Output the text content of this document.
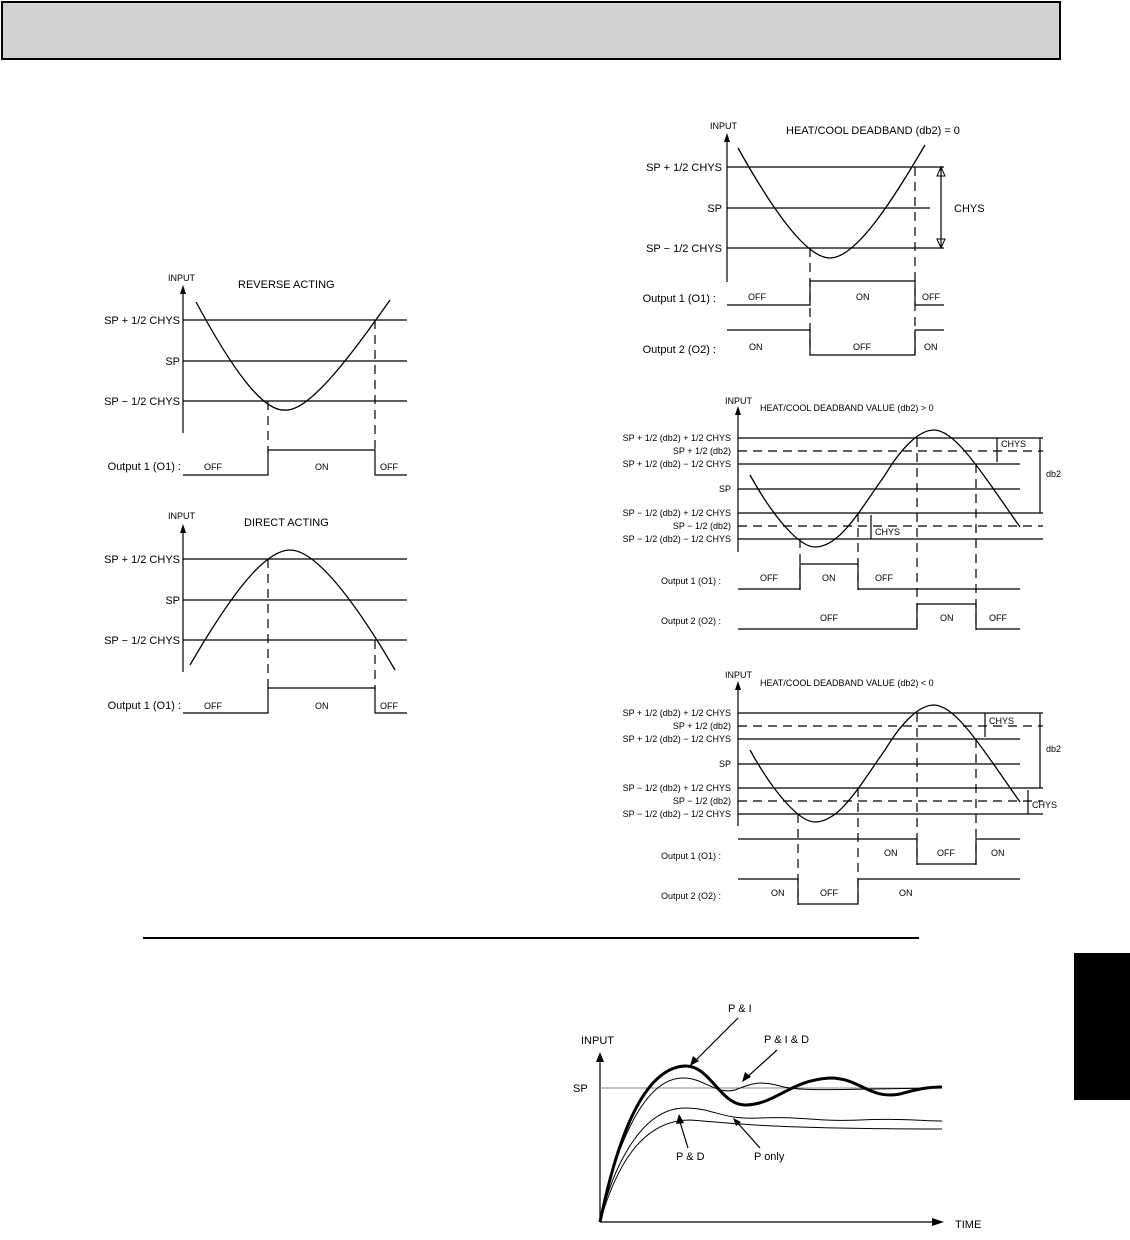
INPUT
REVERSE ACTING
SP + 1/2 CHYS
SP
SP − 1/2 CHYS
Output 1 (O1) :	OFF	ON	OFF
INPUT
DIRECT ACTING
SP + 1/2 CHYS
SP
SP − 1/2 CHYS
Output 1 (O1) :	OFF	ON	OFF
INPUT	HEAT/COOL DEADBAND (db2) = 0
SP + 1/2 CHYS
SP
SP − 1/2 CHYS
CHYS
Output 1 (O1) :	OFF	ON	OFF
Output 2 (O2) :	ON	OFF	ON
INPUT
HEAT/COOL DEADBAND VALUE (db2) > 0
SP + 1/2 (db2) + 1/2 CHYS
SP + 1/2 (db2)
SP + 1/2 (db2) − 1/2 CHYS
SP
SP − 1/2 (db2) + 1/2 CHYS
SP − 1/2 (db2)
SP − 1/2 (db2) − 1/2 CHYS
db2
CHYS
CHYS
Output 1 (O1) :	OFF	ON	OFF
Output 2 (O2) :	OFF	ON	OFF
INPUT
HEAT/COOL DEADBAND VALUE (db2) < 0
SP + 1/2 (db2) + 1/2 CHYS
SP + 1/2 (db2)
SP + 1/2 (db2) − 1/2 CHYS
SP
SP − 1/2 (db2) + 1/2 CHYS
SP − 1/2 (db2)
SP − 1/2 (db2) − 1/2 CHYS
db2
CHYS
CHYS
Output 1 (O1) :	ON	OFF	ON
Output 2 (O2) :	ON	OFF	ON
INPUT
TIME
SP
P & I
P & I & D
P & D	P only
